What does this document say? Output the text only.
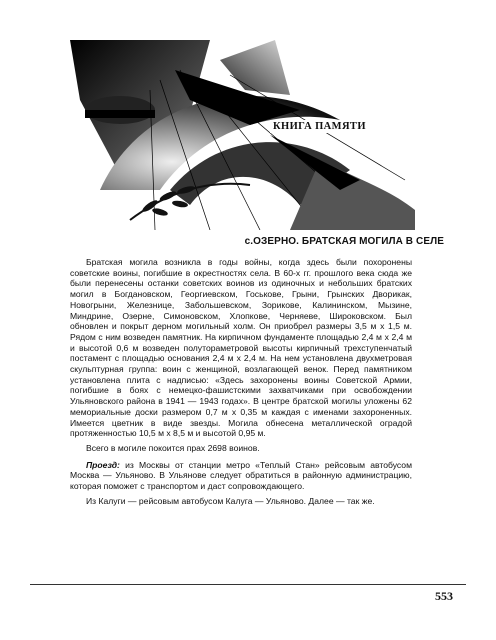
КНИГА ПАМЯТИ
с.ОЗЕРНО. БРАТСКАЯ МОГИЛА В СЕЛЕ

Братская могила возникла в годы войны, когда здесь были похоронены советские воины, погибшие в окрестностях села. В 60-х гг. прошлого века сюда же были перенесены останки советских воинов из одиночных и небольших братских могил в Богдановском, Георгиевском, Госькове, Грыни, Грынских Дворикак, Новогрыни, Железнице, Забольшевском, Зорикове, Калининском, Мызине, Миндрине, Озерне, Симоновском, Хлопкове, Черняеве, Широковском. Был обновлен и покрыт дерном могильный холм. Он приобрел размеры 3,5 м х 1,5 м. Рядом с ним возведен памятник. На кирпичном фундаменте площадью 2,4 м х 2,4 м и высотой 0,6 м возведен полутораметровой высоты кирпичный трехступенчатый постамент с площадью основания 2,4 м х 2,4 м. На нем установлена двухметровая скульптурная группа: воин с женщиной, возлагающей венок. Перед памятником установлена плита с надписью: «Здесь захоронены воины Советской Армии, погибшие в боях с немецко-фашистскими захватчиками при освобождении Ульяновского района в 1941 — 1943 годах». В центре братской могилы уложены 62 мемориальные доски размером 0,7 м х 0,35 м каждая с именами захороненных. Имеется цветник в виде звезды. Могила обнесена металлической оградой протяженностью 10,5 м х 8,5 м и высотой 0,95 м.

Всего в могиле покоится прах 2698 воинов.

Проезд: из Москвы от станции метро «Теплый Стан» рейсовым автобусом Москва — Ульяново. В Ульянове следует обратиться в районную администрацию, которая поможет с транспортом и даст сопровождающего.

Из Калуги — рейсовым автобусом Калуга — Ульяново. Далее — так же.

553
